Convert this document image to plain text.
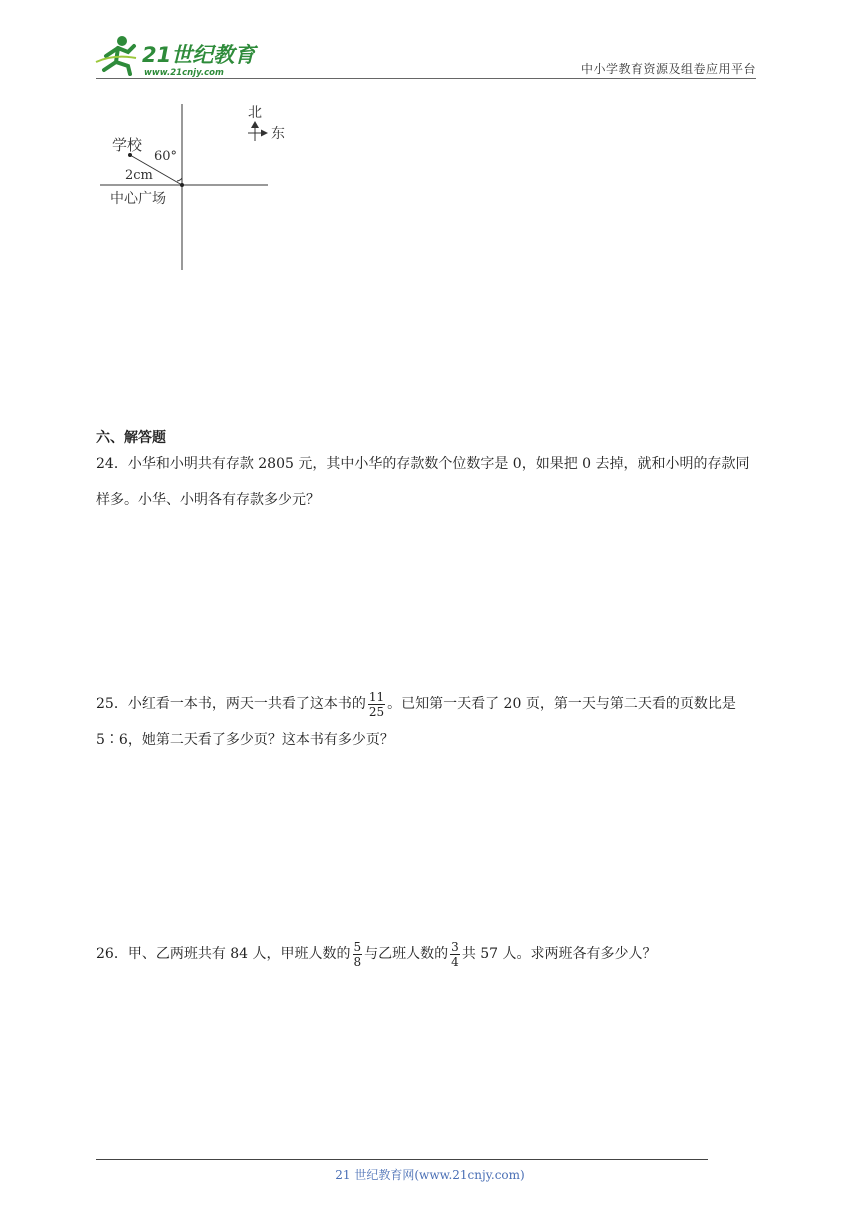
21世纪教育
www.21cnjy.com	中小学教育资源及组卷应用平台
学校
60°
2cm
中心广场
北
东
六、解答题

24．小华和小明共有存款 2805 元，其中小华的存款数个位数字是 0，如果把 0 去掉，就和小明的存款同样多。小华、小明各有存款多少元？

25．小红看一本书，两天一共看了这本书的 $\frac{11}{25}$ 。已知第一天看了 20 页，第一天与第二天看的页数比是 5∶6，她第二天看了多少页？这本书有多少页？

26．甲、乙两班共有 84 人，甲班人数的 $\frac{5}{8}$ 与乙班人数的 $\frac{3}{4}$ 共 57 人。求两班各有多少人？

21 世纪教育网(www.21cnjy.com)
